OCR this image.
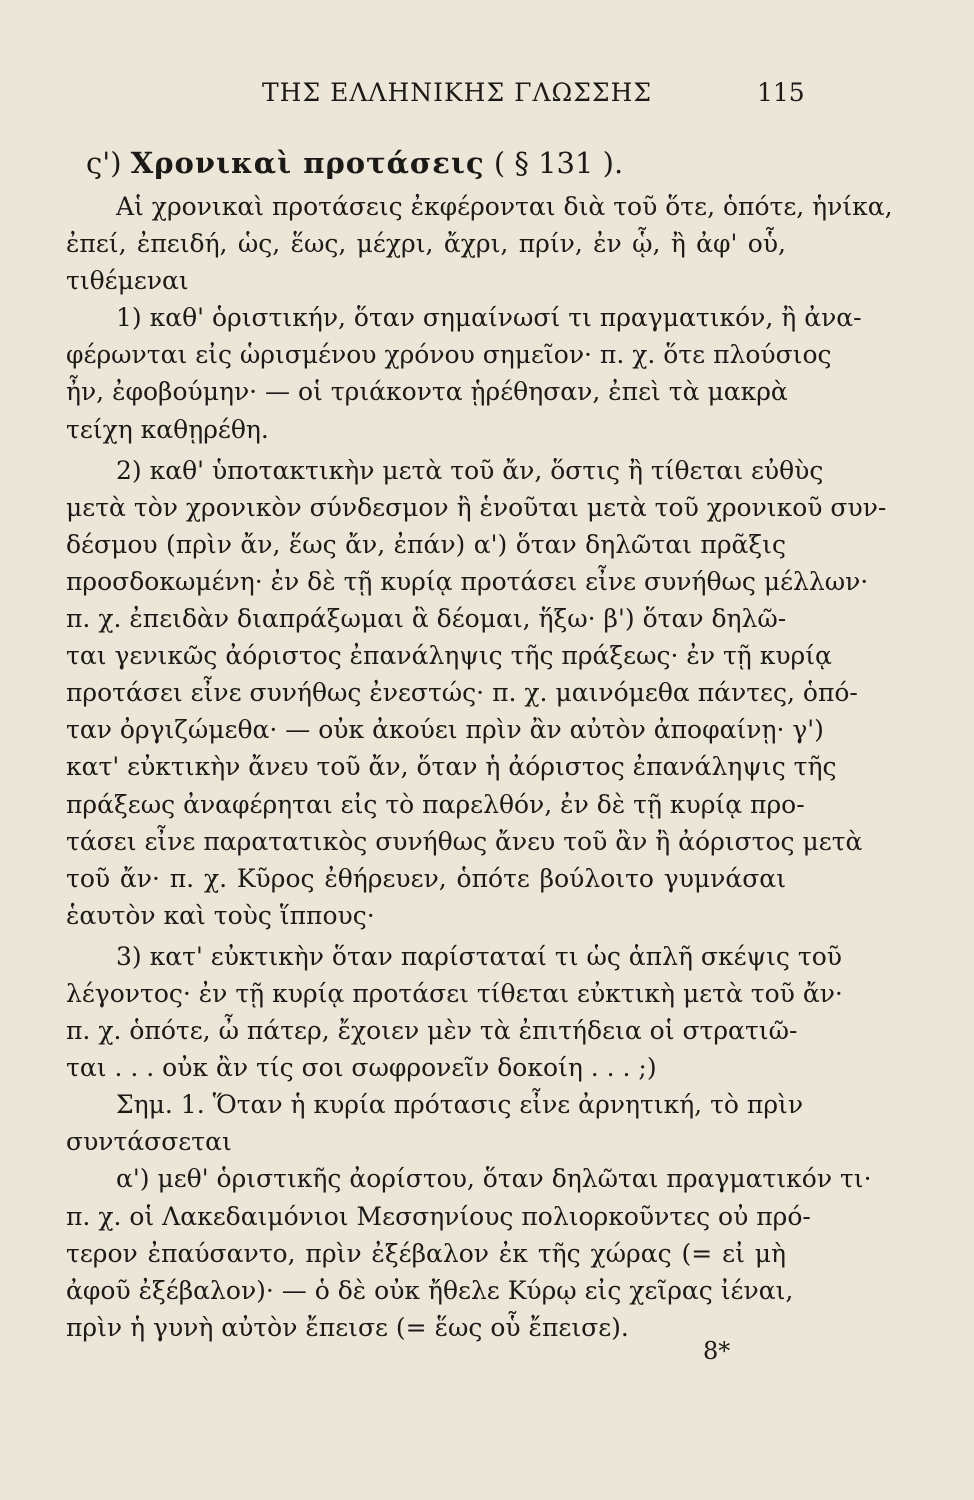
ΤΗΣ ΕΛΛΗΝΙΚΗΣ ΓΛΩΣΣΗΣ	115
ς') Χρονικαὶ προτάσεις ( § 131 ).

Αἱ χρονικαὶ προτάσεις ἐκφέρονται διὰ τοῦ ὅτε, ὁπότε, ἡνίκα,
ἐπεί, ἐπειδή, ὡς, ἕως, μέχρι, ἄχρι, πρίν, ἐν ᾧ, ἢ ἀφ' οὗ,
τιθέμεναι

1) καθ' ὁριστικήν, ὅταν σημαίνωσί τι πραγματικόν, ἢ ἀνα-
φέρωνται εἰς ὡρισμένου χρόνου σημεῖον· π. χ. ὅτε πλούσιος
ἦν, ἐφοβούμην· — οἱ τριάκοντα ᾑρέθησαν, ἐπεὶ τὰ μακρὰ
τείχη καθῃρέθη.

2) καθ' ὑποτακτικὴν μετὰ τοῦ ἄν, ὅστις ἢ τίθεται εὐθὺς
μετὰ τὸν χρονικὸν σύνδεσμον ἢ ἑνοῦται μετὰ τοῦ χρονικοῦ συν-
δέσμου (πρὶν ἄν, ἕως ἄν, ἐπάν) α') ὅταν δηλῶται πρᾶξις
προσδοκωμένη· ἐν δὲ τῇ κυρίᾳ προτάσει εἶνε συνήθως μέλλων·
π. χ. ἐπειδὰν διαπράξωμαι ἃ δέομαι, ἥξω· β') ὅταν δηλῶ-
ται γενικῶς ἀόριστος ἐπανάληψις τῆς πράξεως· ἐν τῇ κυρίᾳ
προτάσει εἶνε συνήθως ἐνεστώς· π. χ. μαινόμεθα πάντες, ὁπό-
ταν ὀργιζώμεθα· — οὐκ ἀκούει πρὶν ἂν αὐτὸν ἀποφαίνῃ· γ')
κατ' εὐκτικὴν ἄνευ τοῦ ἄν, ὅταν ἡ ἀόριστος ἐπανάληψις τῆς
πράξεως ἀναφέρηται εἰς τὸ παρελθόν, ἐν δὲ τῇ κυρίᾳ προ-
τάσει εἶνε παρατατικὸς συνήθως ἄνευ τοῦ ἂν ἢ ἀόριστος μετὰ
τοῦ ἄν· π. χ. Κῦρος ἐθήρευεν, ὁπότε βούλοιτο γυμνάσαι
ἑαυτὸν καὶ τοὺς ἵππους·

3) κατ' εὐκτικὴν ὅταν παρίσταταί τι ὡς ἁπλῆ σκέψις τοῦ
λέγοντος· ἐν τῇ κυρίᾳ προτάσει τίθεται εὐκτικὴ μετὰ τοῦ ἄν·
π. χ. ὁπότε, ὦ πάτερ, ἔχοιεν μὲν τὰ ἐπιτήδεια οἱ στρατιῶ-
ται . . . οὐκ ἂν τίς σοι σωφρονεῖν δοκοίη . . . ;)

Σημ. 1. Ὅταν ἡ κυρία πρότασις εἶνε ἀρνητική, τὸ πρὶν
συντάσσεται

α') μεθ' ὁριστικῆς ἀορίστου, ὅταν δηλῶται πραγματικόν τι·
π. χ. οἱ Λακεδαιμόνιοι Μεσσηνίους πολιορκοῦντες οὐ πρό-
τερον ἐπαύσαντο, πρὶν ἐξέβαλον ἐκ τῆς χώρας (= εἰ μὴ
ἀφοῦ ἐξέβαλον)· — ὁ δὲ οὐκ ἤθελε Κύρῳ εἰς χεῖρας ἰέναι,
πρὶν ἡ γυνὴ αὐτὸν ἔπεισε (= ἕως οὗ ἔπεισε).

8*
